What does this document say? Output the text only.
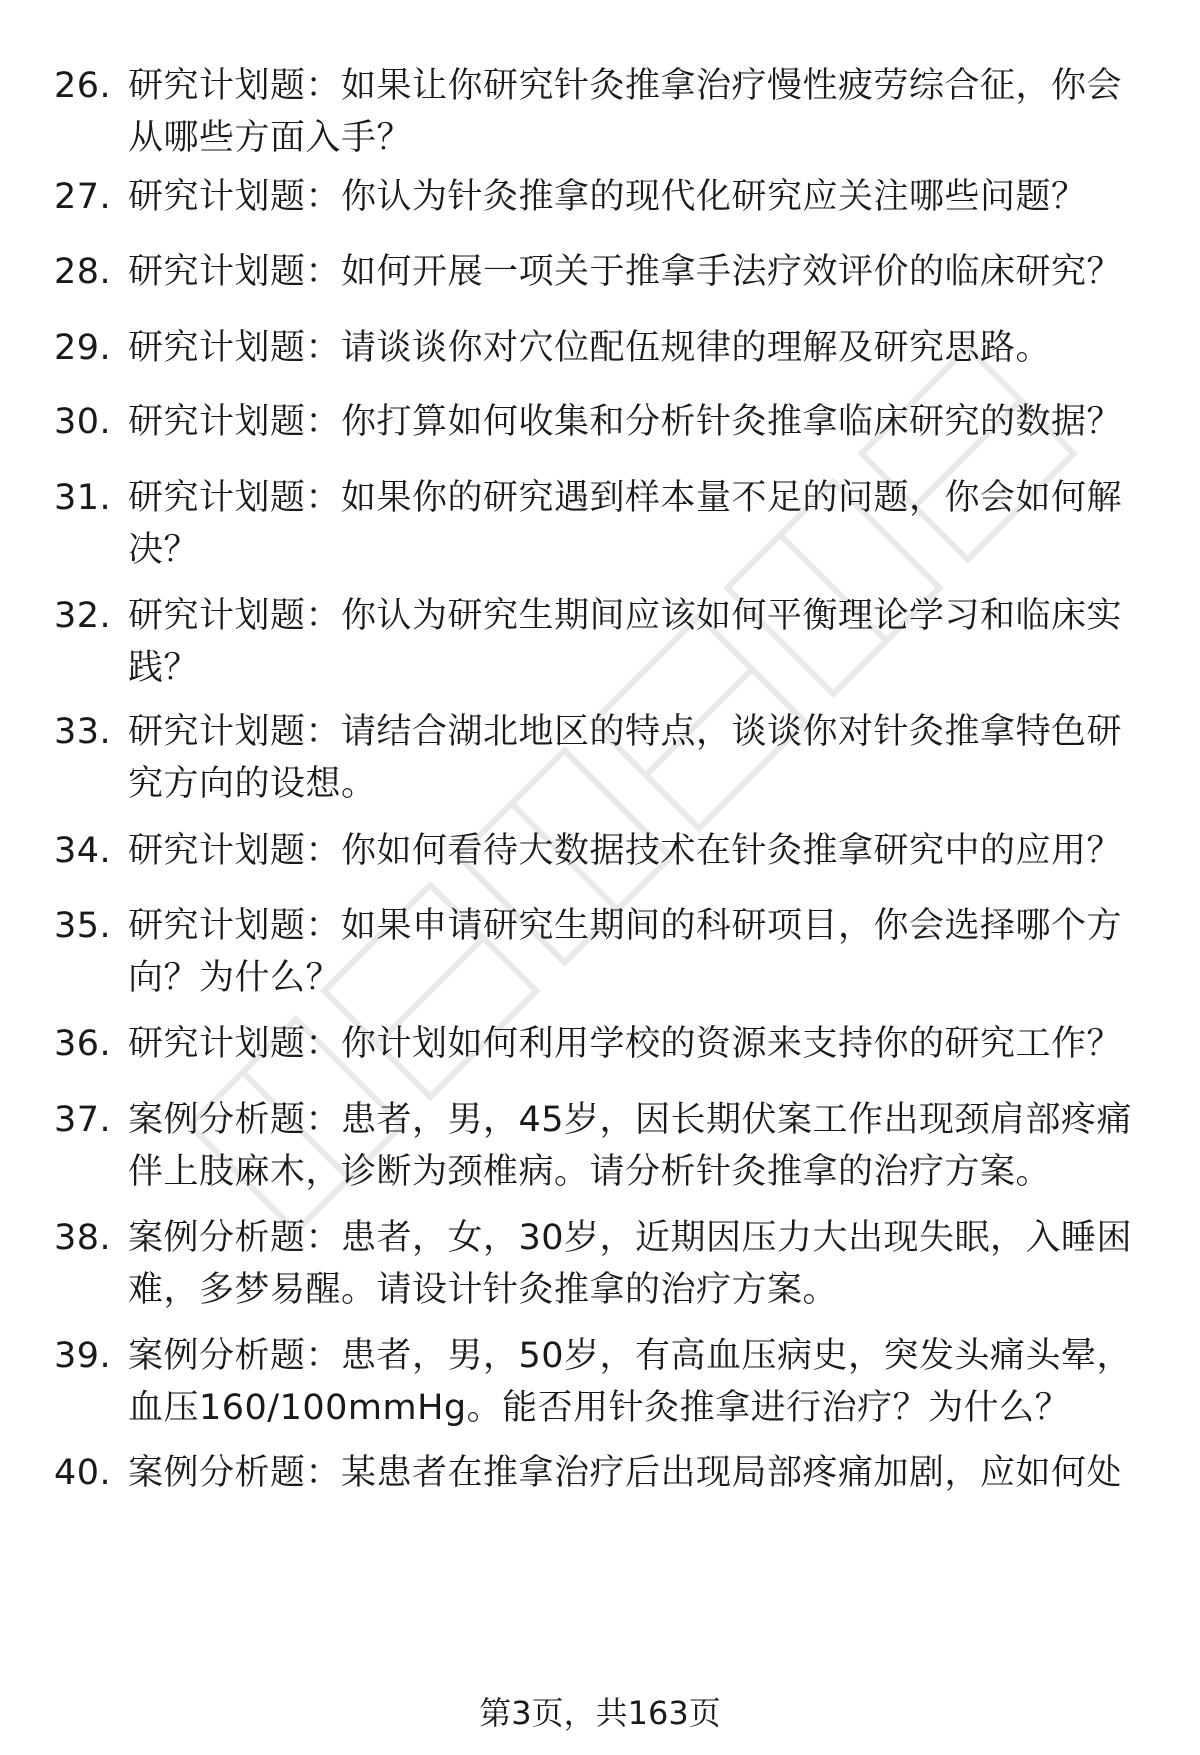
26. 研究计划题：如果让你研究针灸推拿治疗慢性疲劳综合征，你会从哪些方面入手？
27. 研究计划题：你认为针灸推拿的现代化研究应关注哪些问题？
28. 研究计划题：如何开展一项关于推拿手法疗效评价的临床研究？
29. 研究计划题：请谈谈你对穴位配伍规律的理解及研究思路。
30. 研究计划题：你打算如何收集和分析针灸推拿临床研究的数据？
31. 研究计划题：如果你的研究遇到样本量不足的问题，你会如何解决？
32. 研究计划题：你认为研究生期间应该如何平衡理论学习和临床实践？
33. 研究计划题：请结合湖北地区的特点，谈谈你对针灸推拿特色研究方向的设想。
34. 研究计划题：你如何看待大数据技术在针灸推拿研究中的应用？
35. 研究计划题：如果申请研究生期间的科研项目，你会选择哪个方向？为什么？
36. 研究计划题：你计划如何利用学校的资源来支持你的研究工作？
37. 案例分析题：患者，男，45岁，因长期伏案工作出现颈肩部疼痛伴上肢麻木，诊断为颈椎病。请分析针灸推拿的治疗方案。
38. 案例分析题：患者，女，30岁，近期因压力大出现失眠，入睡困难，多梦易醒。请设计针灸推拿的治疗方案。
39. 案例分析题：患者，男，50岁，有高血压病史，突发头痛头晕，血压160/100mmHg。能否用针灸推拿进行治疗？为什么？
40. 案例分析题：某患者在推拿治疗后出现局部疼痛加剧，应如何处
第3页，共163页
